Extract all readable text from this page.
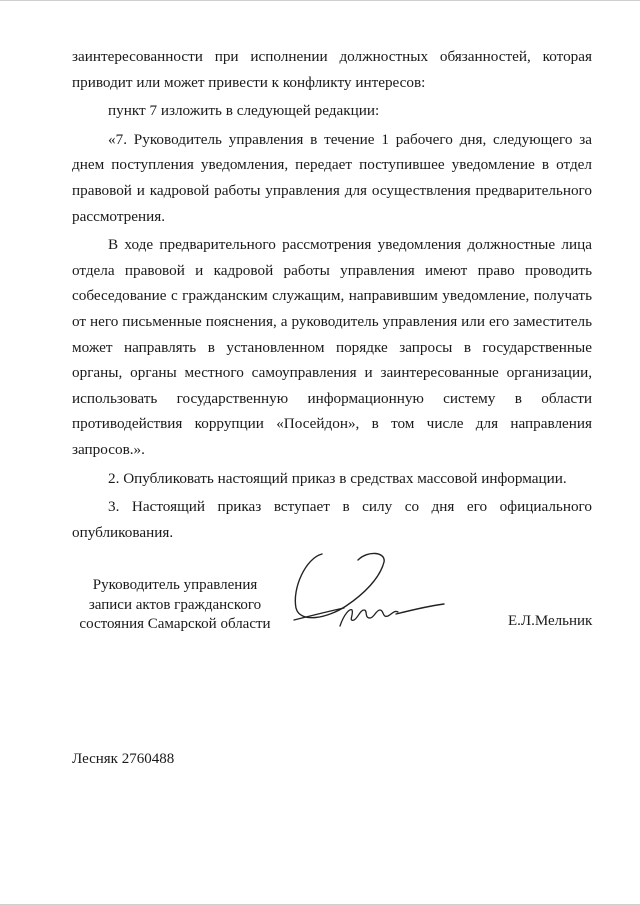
заинтересованности при исполнении должностных обязанностей, которая приводит или может привести к конфликту интересов:

пункт 7 изложить в следующей редакции:

«7. Руководитель управления в течение 1 рабочего дня, следующего за днем поступления уведомления, передает поступившее уведомление в отдел правовой и кадровой работы управления для осуществления предварительного рассмотрения.

В ходе предварительного рассмотрения уведомления должностные лица отдела правовой и кадровой работы управления имеют право проводить собеседование с гражданским служащим, направившим уведомление, получать от него письменные пояснения, а руководитель управления или его заместитель может направлять в установленном порядке запросы в государственные органы, органы местного самоуправления и заинтересованные организации, использовать государственную информационную систему в области противодействия коррупции «Посейдон», в том числе для направления запросов.».

2. Опубликовать настоящий приказ в средствах массовой информации.

3. Настоящий приказ вступает в силу со дня его официального опубликования.

Руководитель управления
записи актов гражданского
состояния Самарской области	Е.Л.Мельник
Лесняк 2760488
